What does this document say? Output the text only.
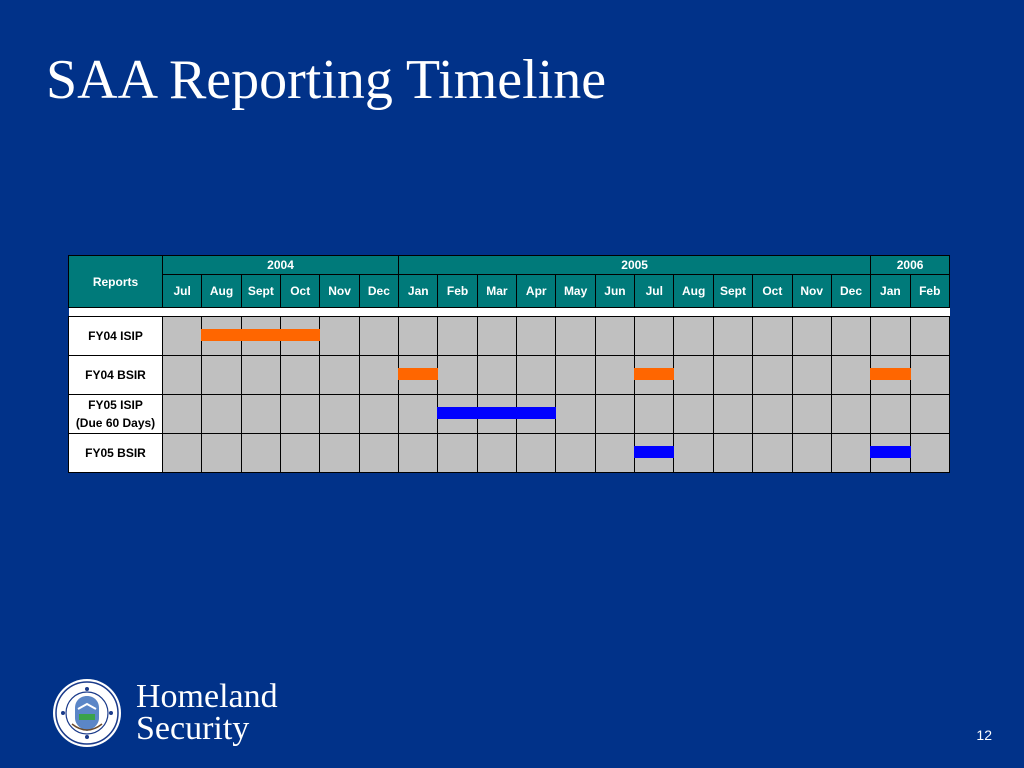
SAA Reporting Timeline
Reports	2004						2005												2006	
	Jul	Aug	Sept	Oct	Nov	Dec	Jan	Feb	Mar	Apr	May	Jun	Jul	Aug	Sept	Oct	Nov	Dec	Jan	Feb

FY04 ISIP																				

FY04 BSIR																				

FY05 ISIP
(Due 60 Days)																				

FY05 BSIR																				

Homeland
Security	12
